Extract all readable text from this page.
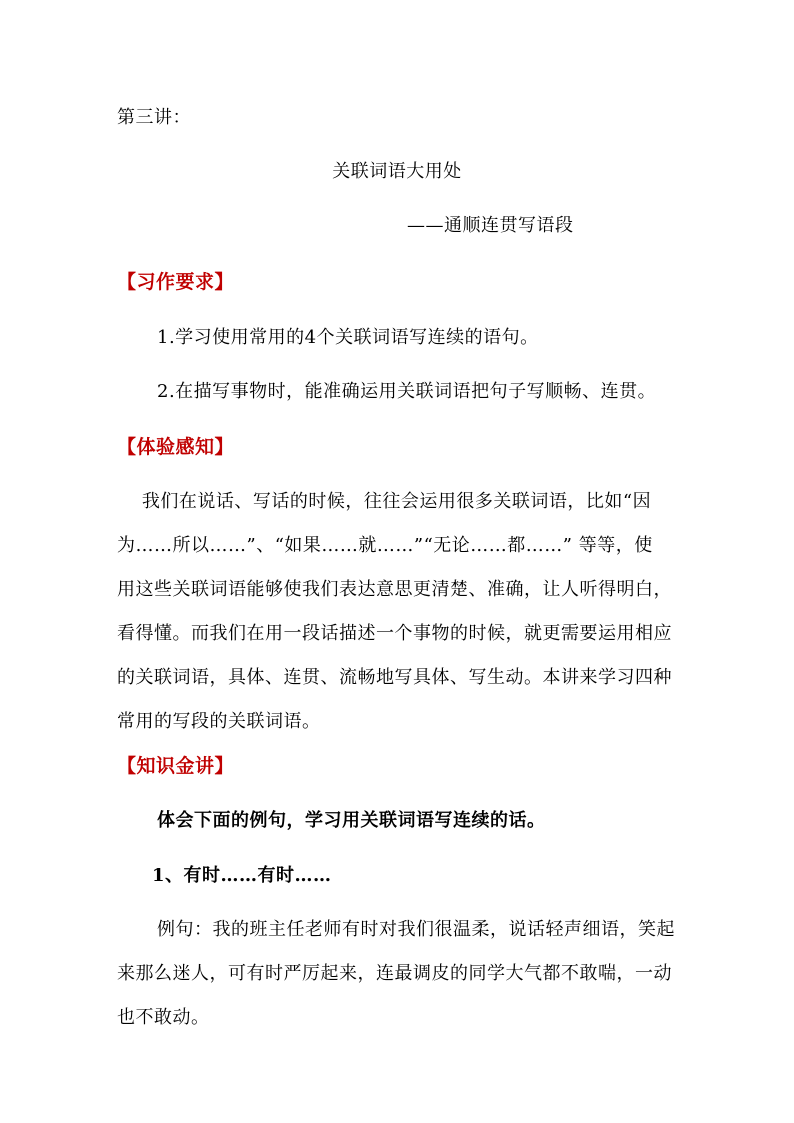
第三讲：
关联词语大用处
——通顺连贯写语段
【习作要求】
1.学习使用常用的4个关联词语写连续的语句。
2.在描写事物时，能准确运用关联词语把句子写顺畅、连贯。
【体验感知】
我们在说话、写话的时候，往往会运用很多关联词语，比如“因
为……所以……”、“如果……就……”“无论……都……” 等等，使
用这些关联词语能够使我们表达意思更清楚、准确，让人听得明白，
看得懂。而我们在用一段话描述一个事物的时候，就更需要运用相应
的关联词语，具体、连贯、流畅地写具体、写生动。本讲来学习四种
常用的写段的关联词语。
【知识金讲】
体会下面的例句，学习用关联词语写连续的话。
1、有时……有时……
例句：我的班主任老师有时对我们很温柔，说话轻声细语，笑起
来那么迷人，可有时严厉起来，连最调皮的同学大气都不敢喘，一动
也不敢动。
